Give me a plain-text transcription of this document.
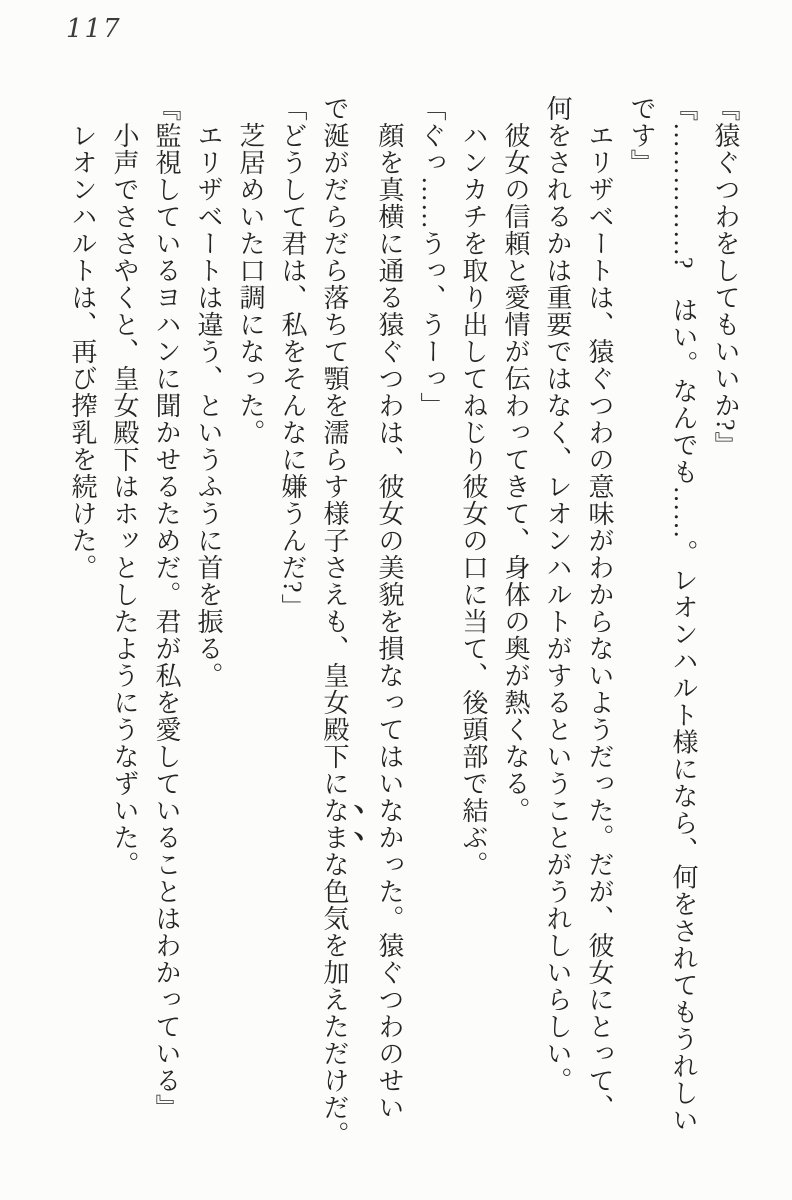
117

『猿ぐつわをしてもいいか?』

『……………?　はい。なんでも……。レオンハルト様になら、何をされてもうれしい

です』

　エリザベートは、猿ぐつわの意味がわからないようだった。だが、彼女にとって、

何をされるかは重要ではなく、レオンハルトがするということがうれしいらしい。

　彼女の信頼と愛情が伝わってきて、身体の奥が熱くなる。

　ハンカチを取り出してねじり彼女の口に当て、後頭部で結ぶ。

「ぐっ……うっ、うーっ」

　顔を真横に通る猿ぐつわは、彼女の美貌を損なってはいなかった。猿ぐつわのせい

で涎がだらだら落ちて顎を濡らす様子さえも、皇女殿下になまな色気を加えただけだ。

「どうして君は、私をそんなに嫌うんだ?」

　芝居めいた口調になった。

　エリザベートは違う、というふうに首を振る。

『監視しているヨハンに聞かせるためだ。君が私を愛していることはわかっている』

　小声でささやくと、皇女殿下はホッとしたようにうなずいた。

　レオンハルトは、再び搾乳を続けた。
